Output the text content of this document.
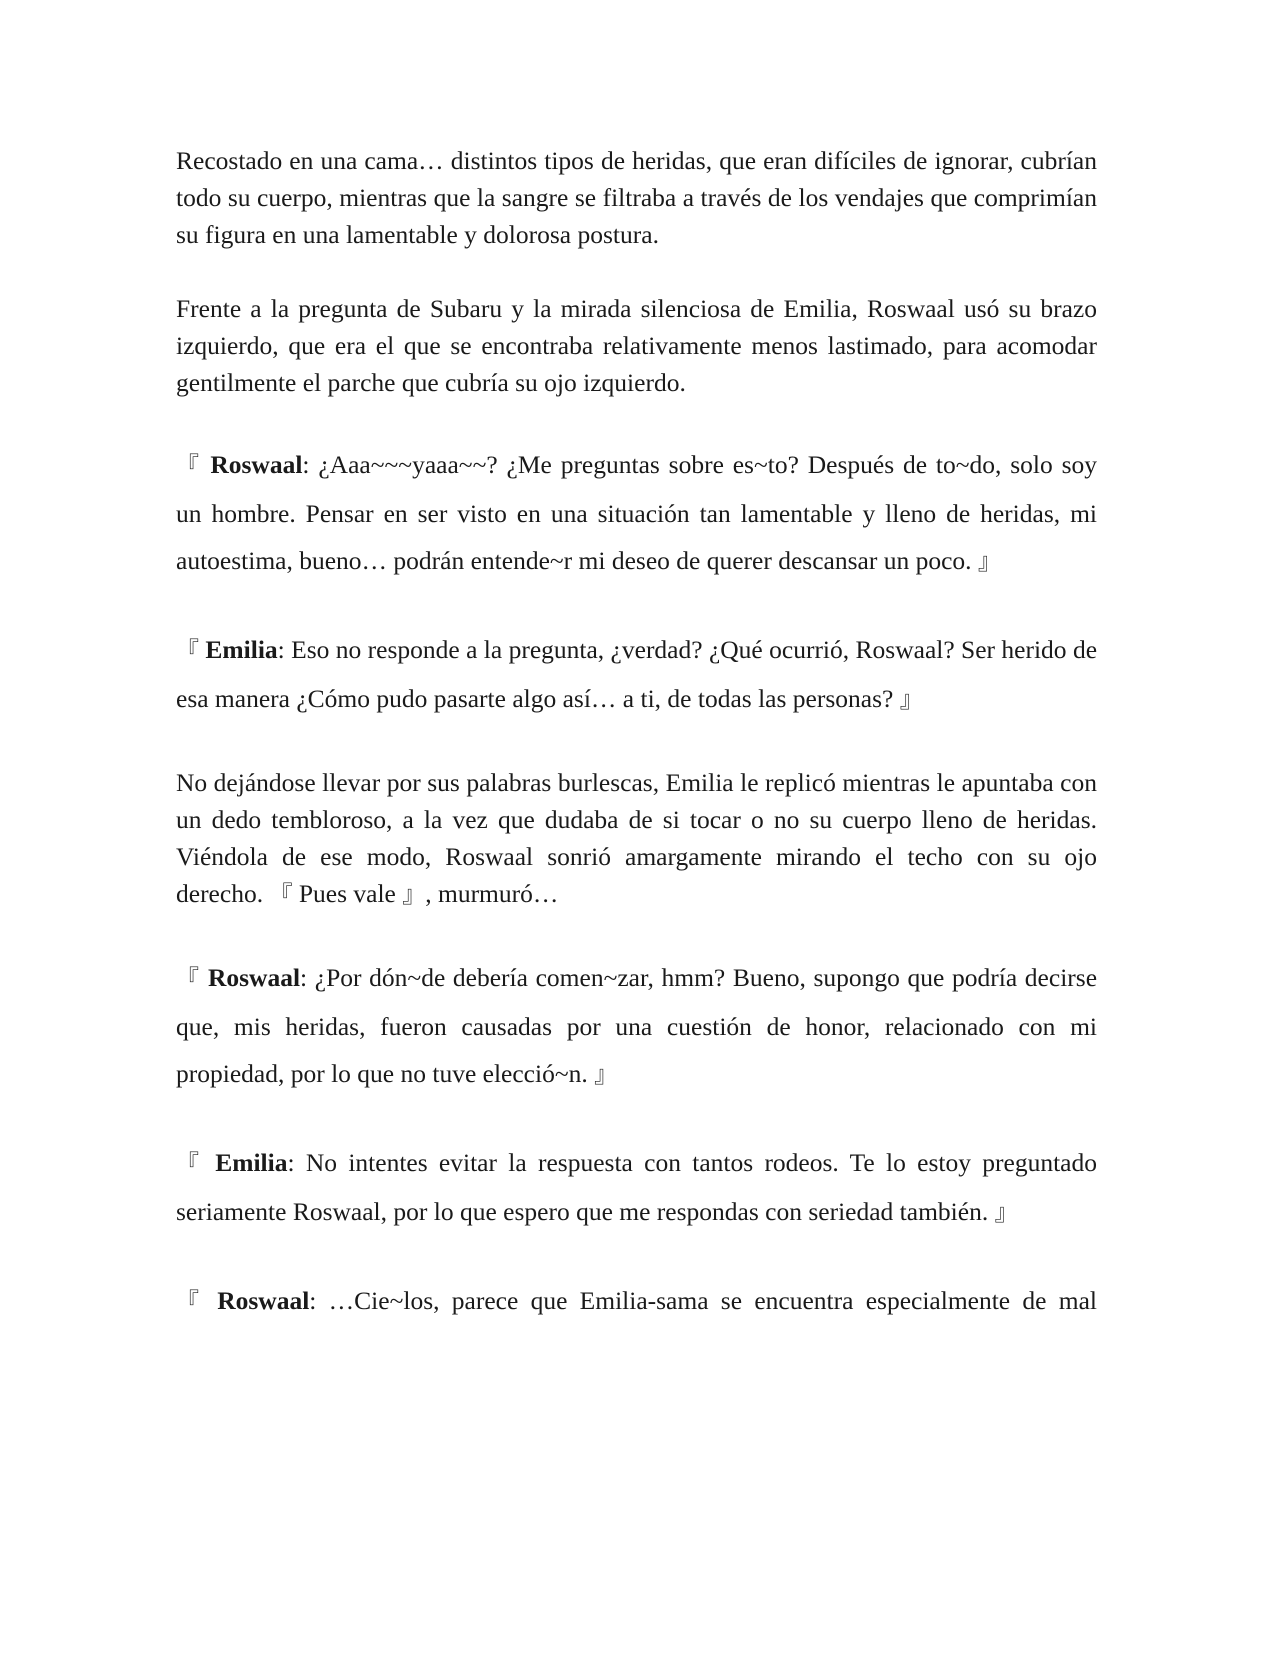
Recostado en una cama… distintos tipos de heridas, que eran difíciles de ignorar, cubrían todo su cuerpo, mientras que la sangre se filtraba a través de los vendajes que comprimían su figura en una lamentable y dolorosa postura.

Frente a la pregunta de Subaru y la mirada silenciosa de Emilia, Roswaal usó su brazo izquierdo, que era el que se encontraba relativamente menos lastimado, para acomodar gentilmente el parche que cubría su ojo izquierdo.

『 Roswaal: ¿Aaa~~~yaaa~~? ¿Me preguntas sobre es~to? Después de to~do, solo soy un hombre. Pensar en ser visto en una situación tan lamentable y lleno de heridas, mi autoestima, bueno… podrán entende~r mi deseo de querer descansar un poco. 』

『 Emilia: Eso no responde a la pregunta, ¿verdad? ¿Qué ocurrió, Roswaal? Ser herido de esa manera ¿Cómo pudo pasarte algo así… a ti, de todas las personas? 』

No dejándose llevar por sus palabras burlescas, Emilia le replicó mientras le apuntaba con un dedo tembloroso, a la vez que dudaba de si tocar o no su cuerpo lleno de heridas. Viéndola de ese modo, Roswaal sonrió amargamente mirando el techo con su ojo derecho. 『 Pues vale 』, murmuró…

『 Roswaal: ¿Por dón~de debería comen~zar, hmm? Bueno, supongo que podría decirse que, mis heridas, fueron causadas por una cuestión de honor, relacionado con mi propiedad, por lo que no tuve elecció~n. 』

『 Emilia: No intentes evitar la respuesta con tantos rodeos. Te lo estoy preguntado seriamente Roswaal, por lo que espero que me respondas con seriedad también. 』

『 Roswaal: …Cie~los, parece que Emilia-sama se encuentra especialmente de mal
